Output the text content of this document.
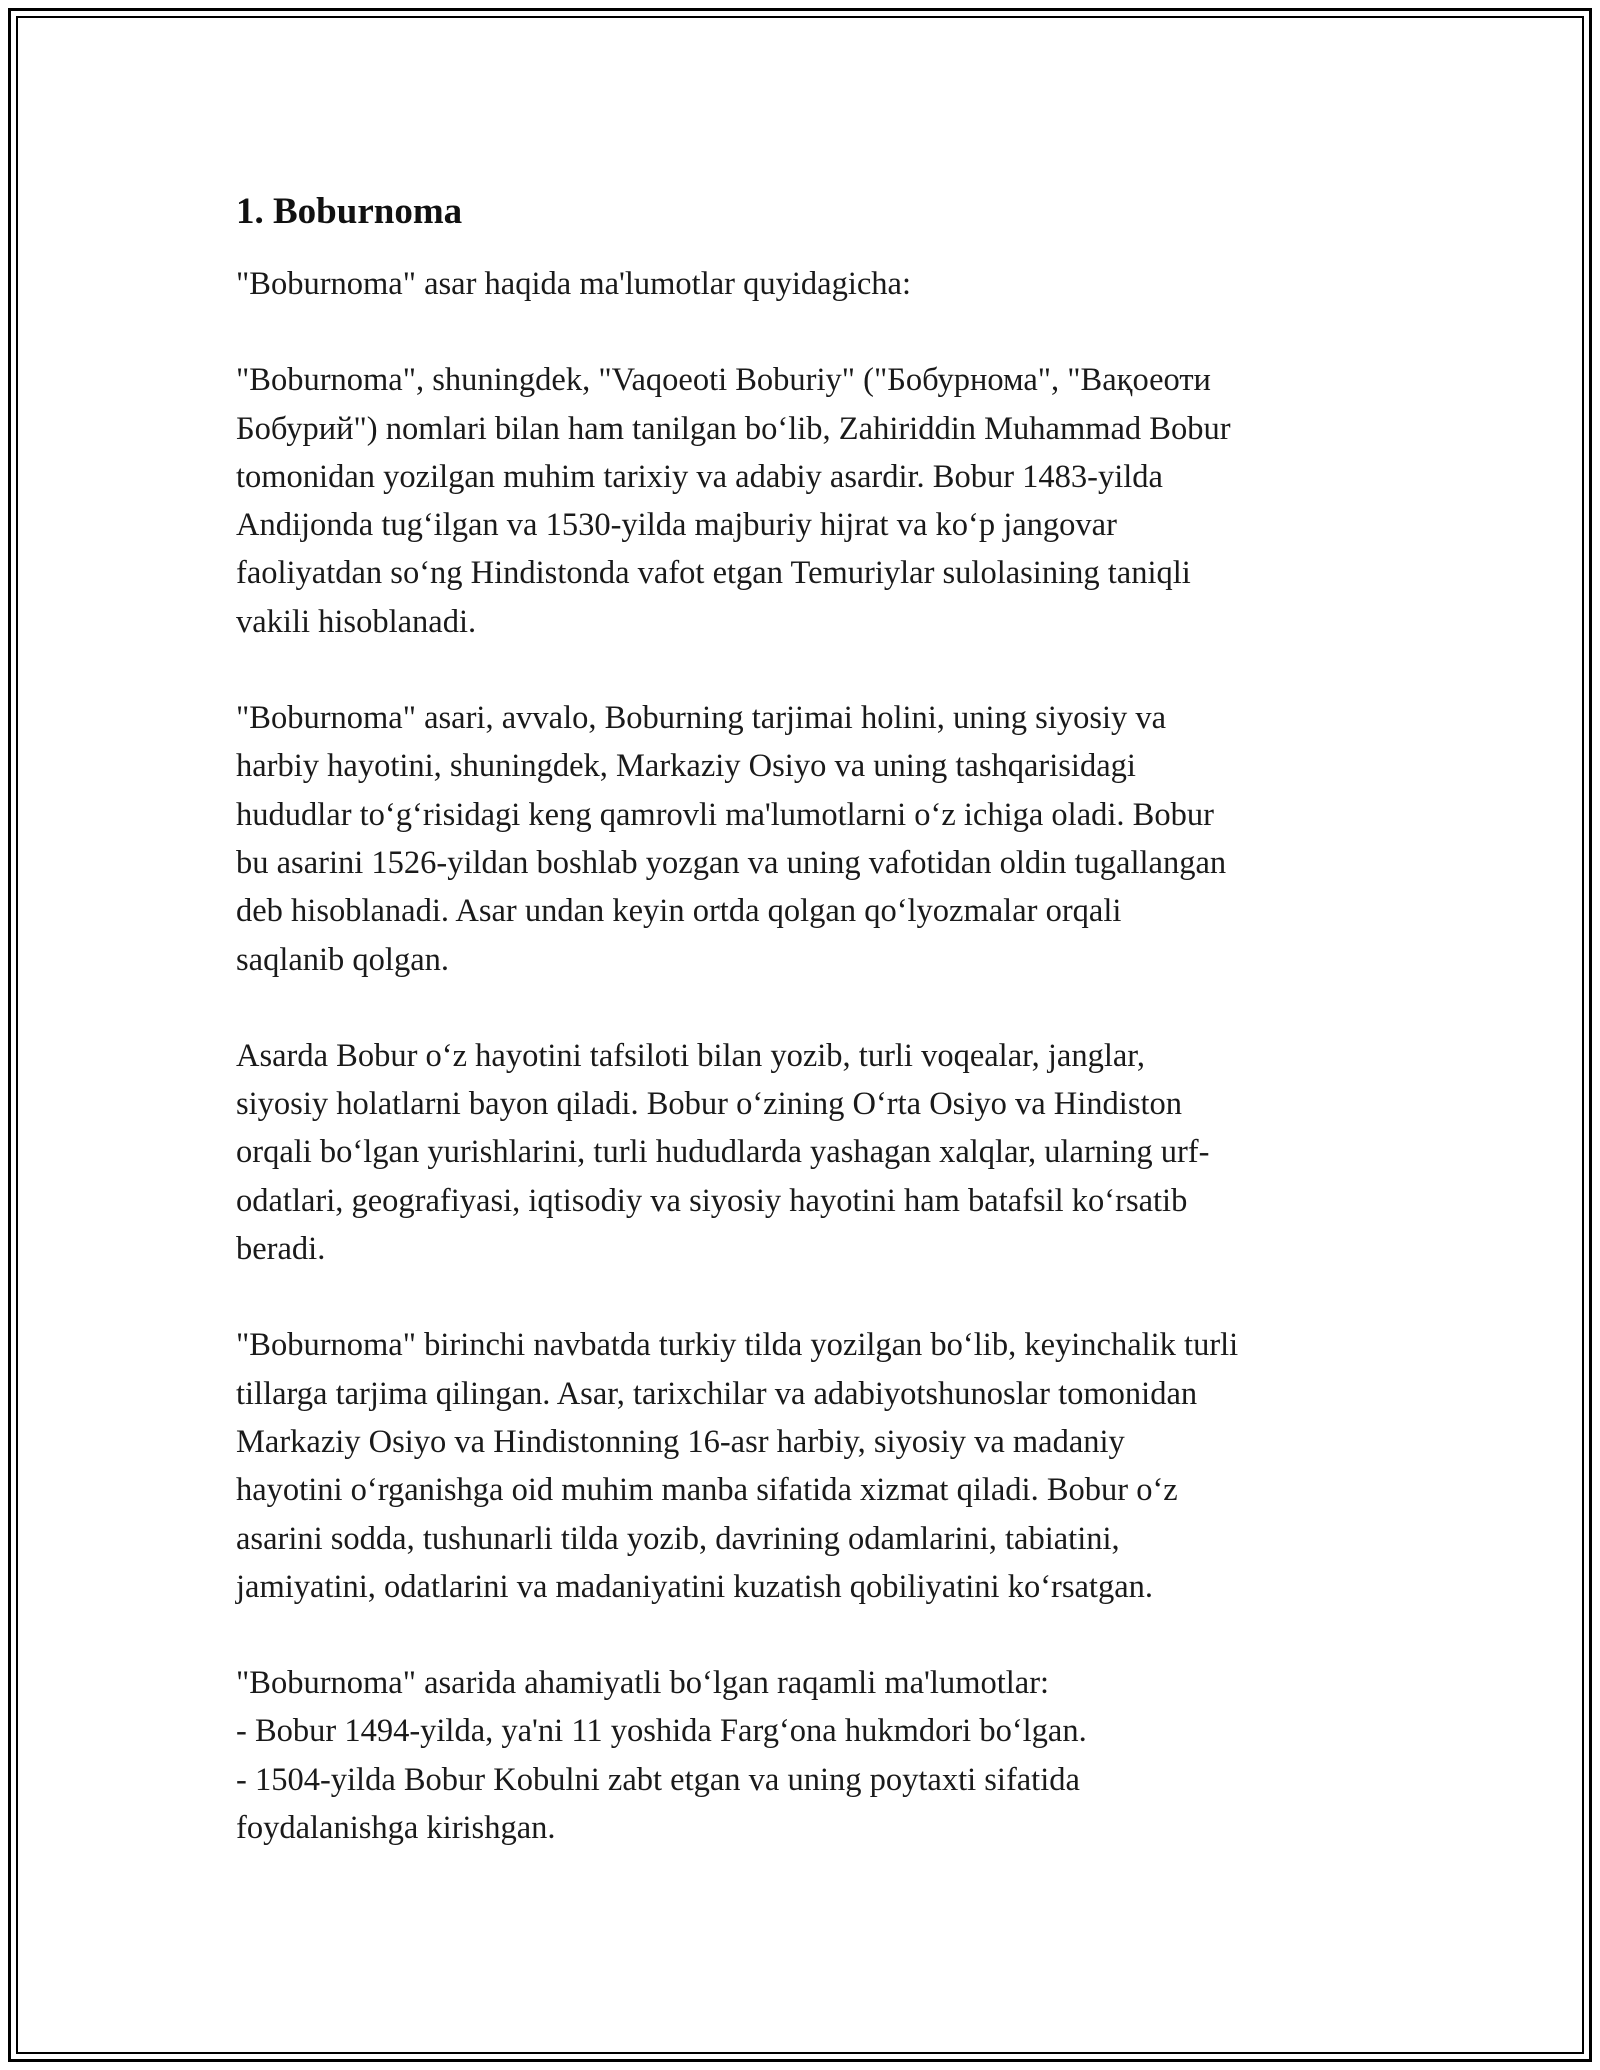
1. Boburnoma

"Boburnoma" asar haqida ma'lumotlar quyidagicha:

"Boburnoma", shuningdek, "Vaqoeoti Boburiy" ("Бобурнома", "Вақоеоти
Бобурий") nomlari bilan ham tanilgan boʻlib, Zahiriddin Muhammad Bobur
tomonidan yozilgan muhim tarixiy va adabiy asardir. Bobur 1483-yilda
Andijonda tugʻilgan va 1530-yilda majburiy hijrat va koʻp jangovar
faoliyatdan soʻng Hindistonda vafot etgan Temuriylar sulolasining taniqli
vakili hisoblanadi.

"Boburnoma" asari, avvalo, Boburning tarjimai holini, uning siyosiy va
harbiy hayotini, shuningdek, Markaziy Osiyo va uning tashqarisidagi
hududlar toʻgʻrisidagi keng qamrovli ma'lumotlarni oʻz ichiga oladi. Bobur
bu asarini 1526-yildan boshlab yozgan va uning vafotidan oldin tugallangan
deb hisoblanadi. Asar undan keyin ortda qolgan qoʻlyozmalar orqali
saqlanib qolgan.

Asarda Bobur oʻz hayotini tafsiloti bilan yozib, turli voqealar, janglar,
siyosiy holatlarni bayon qiladi. Bobur oʻzining Oʻrta Osiyo va Hindiston
orqali boʻlgan yurishlarini, turli hududlarda yashagan xalqlar, ularning urf-
odatlari, geografiyasi, iqtisodiy va siyosiy hayotini ham batafsil koʻrsatib
beradi.

"Boburnoma" birinchi navbatda turkiy tilda yozilgan boʻlib, keyinchalik turli
tillarga tarjima qilingan. Asar, tarixchilar va adabiyotshunoslar tomonidan
Markaziy Osiyo va Hindistonning 16-asr harbiy, siyosiy va madaniy
hayotini oʻrganishga oid muhim manba sifatida xizmat qiladi. Bobur oʻz
asarini sodda, tushunarli tilda yozib, davrining odamlarini, tabiatini,
jamiyatini, odatlarini va madaniyatini kuzatish qobiliyatini koʻrsatgan.

"Boburnoma" asarida ahamiyatli boʻlgan raqamli ma'lumotlar:
- Bobur 1494-yilda, ya'ni 11 yoshida Fargʻona hukmdori boʻlgan.
- 1504-yilda Bobur Kobulni zabt etgan va uning poytaxti sifatida
foydalanishga kirishgan.
